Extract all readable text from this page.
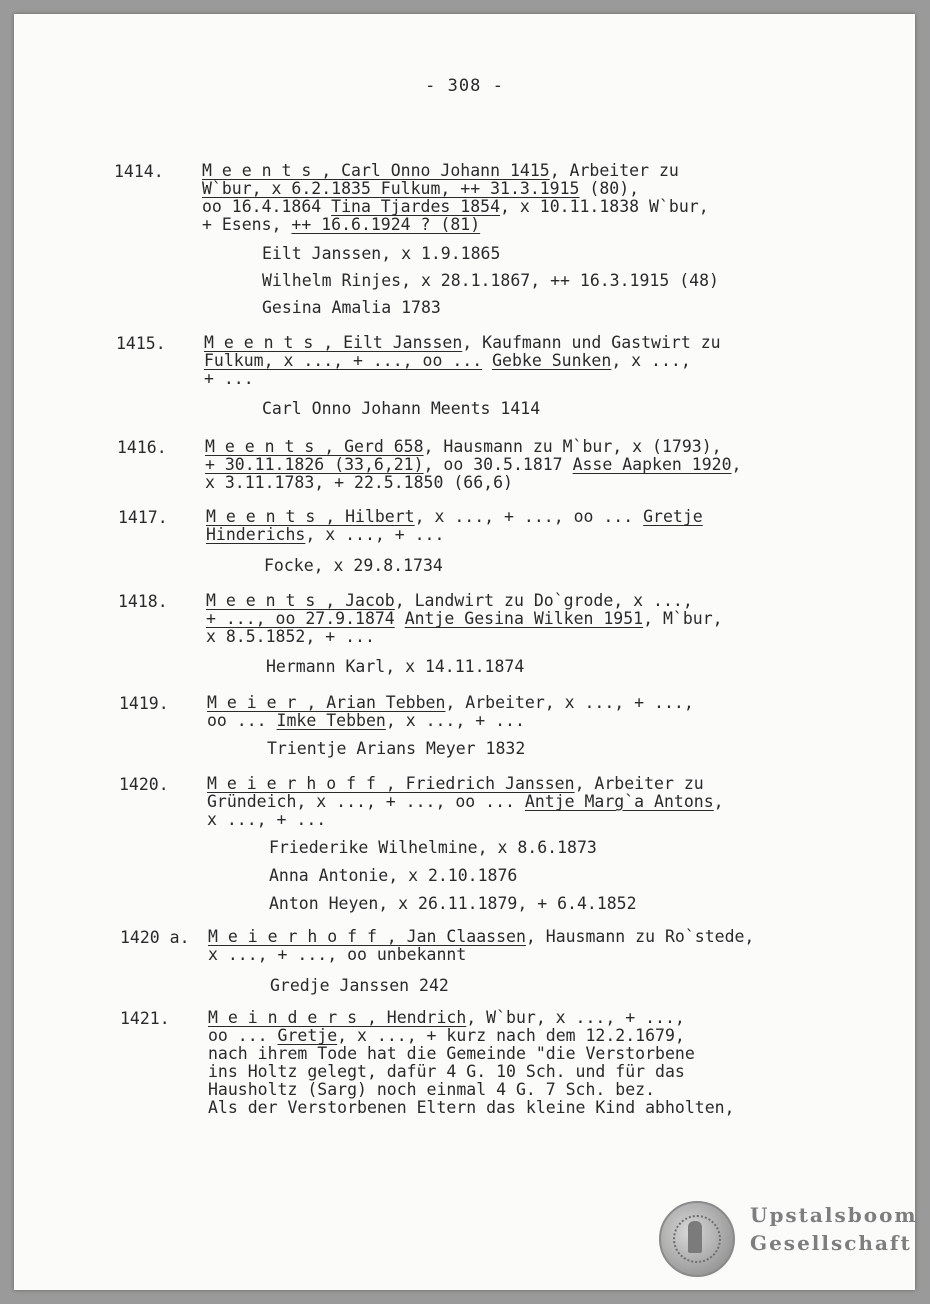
- 308 -
1414. M e e n t s , Carl Onno Johann 1415, Arbeiter zu
W`bur, x 6.2.1835 Fulkum, ++ 31.3.1915 (80),
oo 16.4.1864 Tina Tjardes 1854, x 10.11.1838 W`bur,
+ Esens, ++ 16.6.1924 ? (81)
Eilt Janssen, x 1.9.1865
Wilhelm Rinjes, x 28.1.1867, ++ 16.3.1915 (48)
Gesina Amalia 1783
1415. M e e n t s , Eilt Janssen, Kaufmann und Gastwirt zu
Fulkum, x ..., + ..., oo ... Gebke Sunken, x ...,
+ ...
Carl Onno Johann Meents 1414
1416. M e e n t s , Gerd 658, Hausmann zu M`bur, x (1793),
+ 30.11.1826 (33,6,21), oo 30.5.1817 Asse Aapken 1920,
x 3.11.1783, + 22.5.1850 (66,6)
1417. M e e n t s , Hilbert, x ..., + ..., oo ... Gretje
Hinderichs, x ..., + ...
Focke, x 29.8.1734
1418. M e e n t s , Jacob, Landwirt zu Do`grode, x ...,
+ ..., oo 27.9.1874 Antje Gesina Wilken 1951, M`bur,
x 8.5.1852, + ...
Hermann Karl, x 14.11.1874
1419. M e i e r , Arian Tebben, Arbeiter, x ..., + ...,
oo ... Imke Tebben, x ..., + ...
Trientje Arians Meyer 1832
1420. M e i e r h o f f , Friedrich Janssen, Arbeiter zu
Gründeich, x ..., + ..., oo ... Antje Marg`a Antons,
x ..., + ...
Friederike Wilhelmine, x 8.6.1873
Anna Antonie, x 2.10.1876
Anton Heyen, x 26.11.1879, + 6.4.1852
1420 a. M e i e r h o f f , Jan Claassen, Hausmann zu Ro`stede,
x ..., + ..., oo unbekannt
Gredje Janssen 242
1421. M e i n d e r s , Hendrich, W`bur, x ..., + ...,
oo ... Gretje, x ..., + kurz nach dem 12.2.1679,
nach ihrem Tode hat die Gemeinde "die Verstorbene
ins Holtz gelegt, dafür 4 G. 10 Sch. und für das
Hausholtz (Sarg) noch einmal 4 G. 7 Sch. bez.
Als der Verstorbenen Eltern das kleine Kind abholten,
Upstalsboom
Gesellschaft
